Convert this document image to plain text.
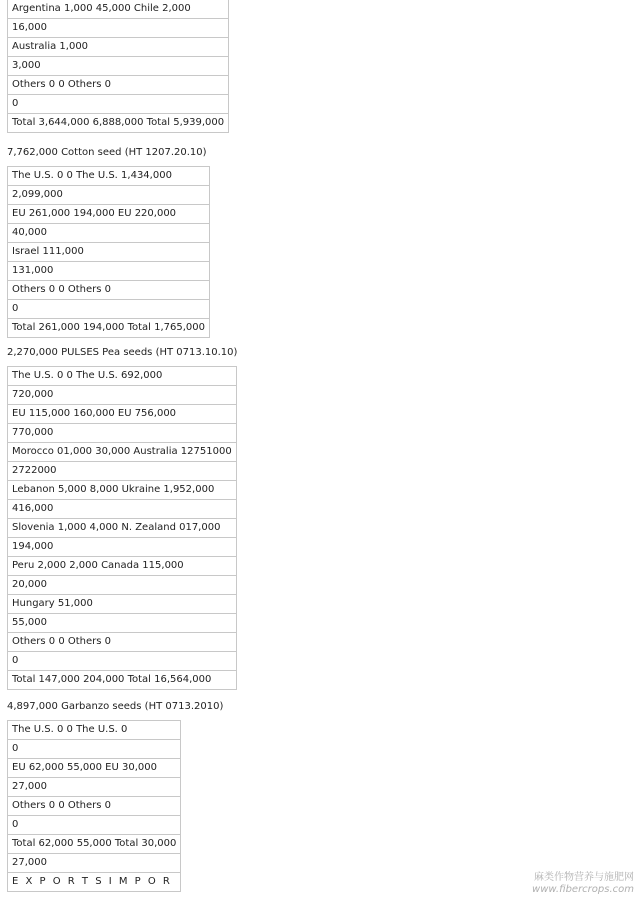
Argentina 1,000 45,000 Chile 2,000
16,000
Australia 1,000
3,000
Others 0 0 Others 0
0
Total 3,644,000 6,888,000 Total 5,939,000
7,762,000 Cotton seed (HT 1207.20.10)
The U.S. 0 0 The U.S. 1,434,000
2,099,000
EU 261,000 194,000 EU 220,000
40,000
Israel 111,000
131,000
Others 0 0 Others 0
0
Total 261,000 194,000 Total 1,765,000
2,270,000 PULSES Pea seeds (HT 0713.10.10)
The U.S. 0 0 The U.S. 692,000
720,000
EU 115,000 160,000 EU 756,000
770,000
Morocco 01,000 30,000 Australia 12751000
2722000
Lebanon 5,000 8,000 Ukraine 1,952,000
416,000
Slovenia 1,000 4,000 N. Zealand 017,000
194,000
Peru 2,000 2,000 Canada 115,000
20,000
Hungary 51,000
55,000
Others 0 0 Others 0
0
Total 147,000 204,000 Total 16,564,000
4,897,000 Garbanzo seeds (HT 0713.2010)
The U.S. 0 0 The U.S. 0
0
EU 62,000 55,000 EU 30,000
27,000
Others 0 0 Others 0
0
Total 62,000 55,000 Total 30,000
27,000
E X P O R T S I M P O R	麻类作物营养与施肥网
www.fibercrops.com
